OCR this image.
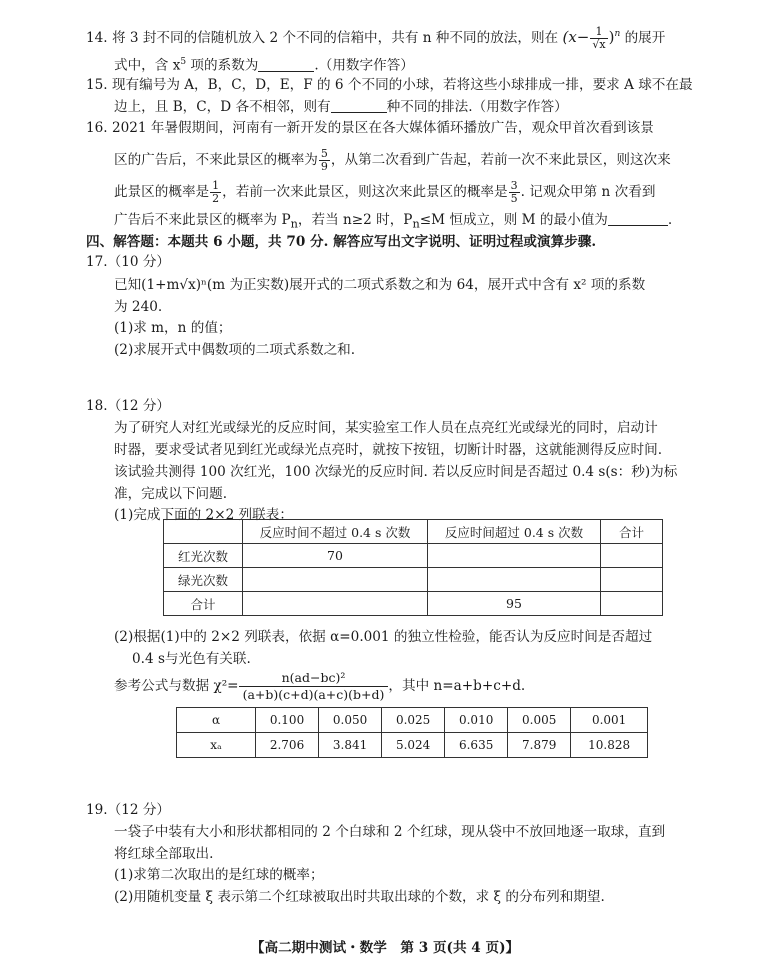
14. 将 3 封不同的信随机放入 2 个不同的信箱中，共有 n 种不同的放法，则在 $(x- \frac{1}{√x} )^n$ 的展开
式中，含 $x^5$ 项的系数为	.（用数字作答）
15. 现有编号为 A，B，C，D，E，F 的 6 个不同的小球，若将这些小球排成一排，要求 A 球不在最
边上，且 B，C，D 各不相邻，则有	种不同的排法.（用数字作答）
16. 2021 年暑假期间，河南有一新开发的景区在各大媒体循环播放广告，观众甲首次看到该景
区的广告后，不来此景区的概率为 $\frac{5}{9}$ ，从第二次看到广告起，若前一次不来此景区，则这次来
此景区的概率是 $\frac{1}{2}$ ，若前一次来此景区，则这次来此景区的概率是 $\frac{3}{5}$ . 记观众甲第 n 次看到
广告后不来此景区的概率为 $P_n$，若当 n≥2 时，$P_n\le M$ 恒成立，则 M 的最小值为	.
四、解答题：本题共 6 小题，共 70 分. 解答应写出文字说明、证明过程或演算步骤.
17.（10 分）
已知(1+m√x)ⁿ(m 为正实数)展开式的二项式系数之和为 64，展开式中含有 x² 项的系数
为 240.
(1)求 m，n 的值；
(2)求展开式中偶数项的二项式系数之和.
18.（12 分）
为了研究人对红光或绿光的反应时间，某实验室工作人员在点亮红光或绿光的同时，启动计
时器，要求受试者见到红光或绿光点亮时，就按下按钮，切断计时器，这就能测得反应时间.
该试验共测得 100 次红光，100 次绿光的反应时间. 若以反应时间是否超过 0.4 s(s：秒)为标
准，完成以下问题.
(1)完成下面的 2×2 列联表：
	反应时间不超过 0.4 s 次数	反应时间超过 0.4 s 次数	合计
红光次数	70		
绿光次数			
合计		95	
(2)根据(1)中的 2×2 列联表，依据 α=0.001 的独立性检验，能否认为反应时间是否超过
0.4 s与光色有关联.
参考公式与数据 $\chi^2= \frac{\text{n(ad−bc)²}}{(a+b)(c+d)(a+c)(b+d)}$ ，其中 n=a+b+c+d.
α	0.100	0.050	0.025	0.010	0.005	0.001
xₐ	2.706	3.841	5.024	6.635	7.879	10.828
19.（12 分）
一袋子中装有大小和形状都相同的 2 个白球和 2 个红球，现从袋中不放回地逐一取球，直到
将红球全部取出.
(1)求第二次取出的是红球的概率；
(2)用随机变量 ξ 表示第二个红球被取出时共取出球的个数，求 ξ 的分布列和期望.
【高二期中测试・数学　第 3 页(共 4 页)】
